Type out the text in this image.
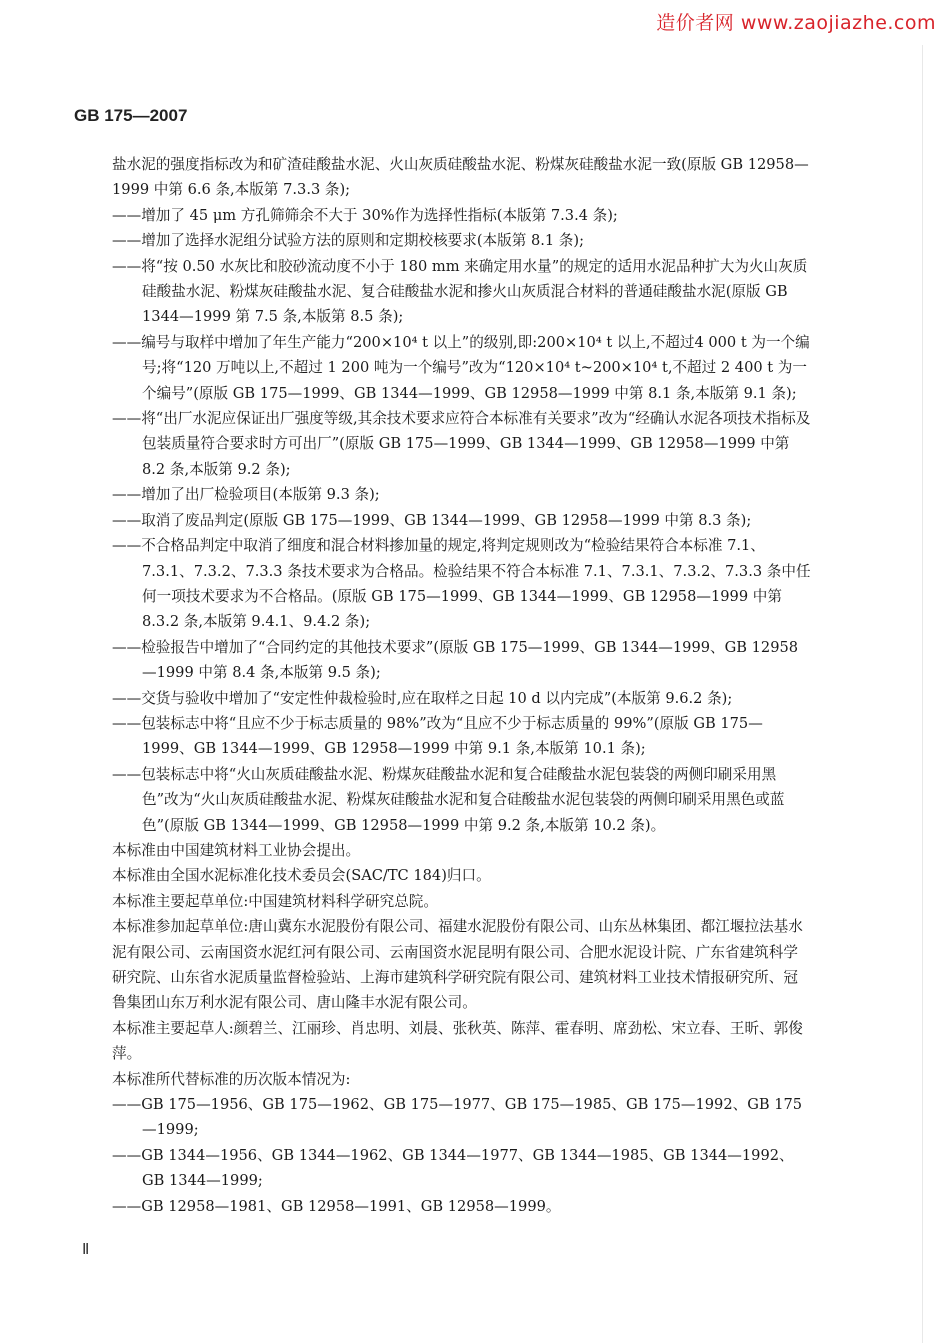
造价者网 www.zaojiazhe.com
GB 175—2007

盐水泥的强度指标改为和矿渣硅酸盐水泥、火山灰质硅酸盐水泥、粉煤灰硅酸盐水泥一致(原版 GB 12958—1999 中第 6.6 条,本版第 7.3.3 条);

——增加了 45 μm 方孔筛筛余不大于 30%作为选择性指标(本版第 7.3.4 条);

——增加了选择水泥组分试验方法的原则和定期校核要求(本版第 8.1 条);

——将“按 0.50 水灰比和胶砂流动度不小于 180 mm 来确定用水量”的规定的适用水泥品种扩大为火山灰质硅酸盐水泥、粉煤灰硅酸盐水泥、复合硅酸盐水泥和掺火山灰质混合材料的普通硅酸盐水泥(原版 GB 1344—1999 第 7.5 条,本版第 8.5 条);

——编号与取样中增加了年生产能力“200×10⁴ t 以上”的级别,即:200×10⁴ t 以上,不超过4 000 t 为一个编号;将“120 万吨以上,不超过 1 200 吨为一个编号”改为“120×10⁴ t~200×10⁴ t,不超过 2 400 t 为一个编号”(原版 GB 175—1999、GB 1344—1999、GB 12958—1999 中第 8.1 条,本版第 9.1 条);

——将“出厂水泥应保证出厂强度等级,其余技术要求应符合本标准有关要求”改为“经确认水泥各项技术指标及包装质量符合要求时方可出厂”(原版 GB 175—1999、GB 1344—1999、GB 12958—1999 中第 8.2 条,本版第 9.2 条);

——增加了出厂检验项目(本版第 9.3 条);

——取消了废品判定(原版 GB 175—1999、GB 1344—1999、GB 12958—1999 中第 8.3 条);

——不合格品判定中取消了细度和混合材料掺加量的规定,将判定规则改为“检验结果符合本标准 7.1、7.3.1、7.3.2、7.3.3 条技术要求为合格品。检验结果不符合本标准 7.1、7.3.1、7.3.2、7.3.3 条中任何一项技术要求为不合格品。(原版 GB 175—1999、GB 1344—1999、GB 12958—1999 中第 8.3.2 条,本版第 9.4.1、9.4.2 条);

——检验报告中增加了“合同约定的其他技术要求”(原版 GB 175—1999、GB 1344—1999、GB 12958—1999 中第 8.4 条,本版第 9.5 条);

——交货与验收中增加了“安定性仲裁检验时,应在取样之日起 10 d 以内完成”(本版第 9.6.2 条);

——包装标志中将“且应不少于标志质量的 98%”改为“且应不少于标志质量的 99%”(原版 GB 175—1999、GB 1344—1999、GB 12958—1999 中第 9.1 条,本版第 10.1 条);

——包装标志中将“火山灰质硅酸盐水泥、粉煤灰硅酸盐水泥和复合硅酸盐水泥包装袋的两侧印刷采用黑色”改为“火山灰质硅酸盐水泥、粉煤灰硅酸盐水泥和复合硅酸盐水泥包装袋的两侧印刷采用黑色或蓝色”(原版 GB 1344—1999、GB 12958—1999 中第 9.2 条,本版第 10.2 条)。

本标准由中国建筑材料工业协会提出。

本标准由全国水泥标准化技术委员会(SAC/TC 184)归口。

本标准主要起草单位:中国建筑材料科学研究总院。

本标准参加起草单位:唐山冀东水泥股份有限公司、福建水泥股份有限公司、山东丛林集团、都江堰拉法基水泥有限公司、云南国资水泥红河有限公司、云南国资水泥昆明有限公司、合肥水泥设计院、广东省建筑科学研究院、山东省水泥质量监督检验站、上海市建筑科学研究院有限公司、建筑材料工业技术情报研究所、冠鲁集团山东万利水泥有限公司、唐山隆丰水泥有限公司。

本标准主要起草人:颜碧兰、江丽珍、肖忠明、刘晨、张秋英、陈萍、霍春明、席劲松、宋立春、王昕、郭俊萍。

本标准所代替标准的历次版本情况为:

——GB 175—1956、GB 175—1962、GB 175—1977、GB 175—1985、GB 175—1992、GB 175—1999;

——GB 1344—1956、GB 1344—1962、GB 1344—1977、GB 1344—1985、GB 1344—1992、GB 1344—1999;

——GB 12958—1981、GB 12958—1991、GB 12958—1999。

Ⅱ
